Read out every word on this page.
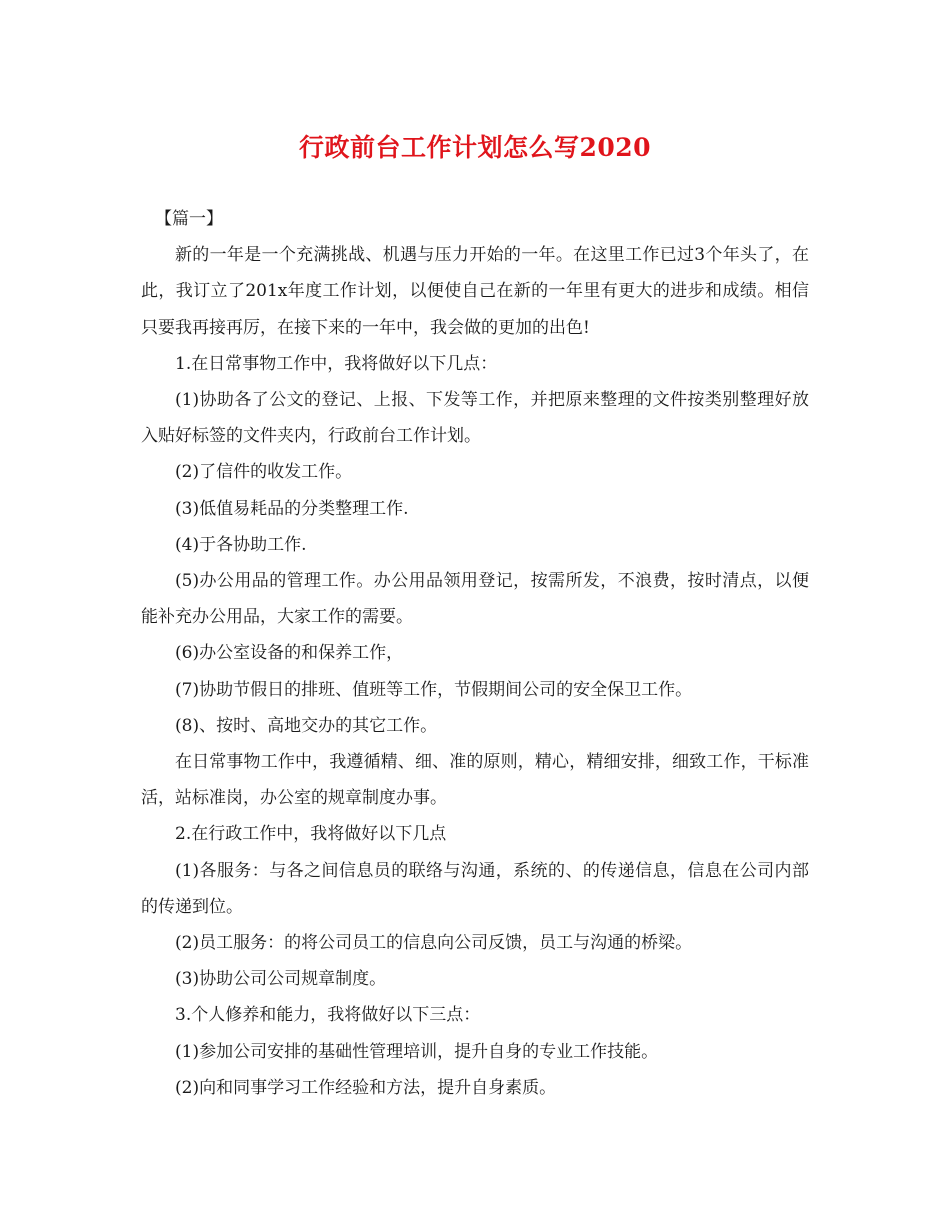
行政前台工作计划怎么写2020

【篇一】

新的一年是一个充满挑战、机遇与压力开始的一年。在这里工作已过3个年头了，在此，我订立了201x年度工作计划，以便使自己在新的一年里有更大的进步和成绩。相信只要我再接再厉，在接下来的一年中，我会做的更加的出色!

1.在日常事物工作中，我将做好以下几点：

(1)协助各了公文的登记、上报、下发等工作，并把原来整理的文件按类别整理好放入贴好标签的文件夹内，行政前台工作计划。

(2)了信件的收发工作。

(3)低值易耗品的分类整理工作.

(4)于各协助工作.

(5)办公用品的管理工作。办公用品领用登记，按需所发，不浪费，按时清点，以便能补充办公用品，大家工作的需要。

(6)办公室设备的和保养工作，

(7)协助节假日的排班、值班等工作，节假期间公司的安全保卫工作。

(8)、按时、高地交办的其它工作。

在日常事物工作中，我遵循精、细、准的原则，精心，精细安排，细致工作，干标准活，站标准岗，办公室的规章制度办事。

2.在行政工作中，我将做好以下几点

(1)各服务：与各之间信息员的联络与沟通，系统的、的传递信息，信息在公司内部的传递到位。

(2)员工服务：的将公司员工的信息向公司反馈，员工与沟通的桥梁。

(3)协助公司公司规章制度。

3.个人修养和能力，我将做好以下三点：

(1)参加公司安排的基础性管理培训，提升自身的专业工作技能。

(2)向和同事学习工作经验和方法，提升自身素质。
